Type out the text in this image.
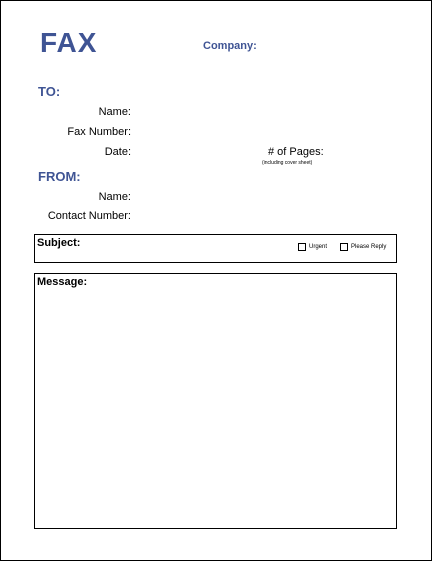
FAX	Company:
TO:
Name:
Fax Number:
Date:	# of Pages:
(including cover sheet)
FROM:
Name:
Contact Number:
Subject:	Urgent	Please Reply
Message:
